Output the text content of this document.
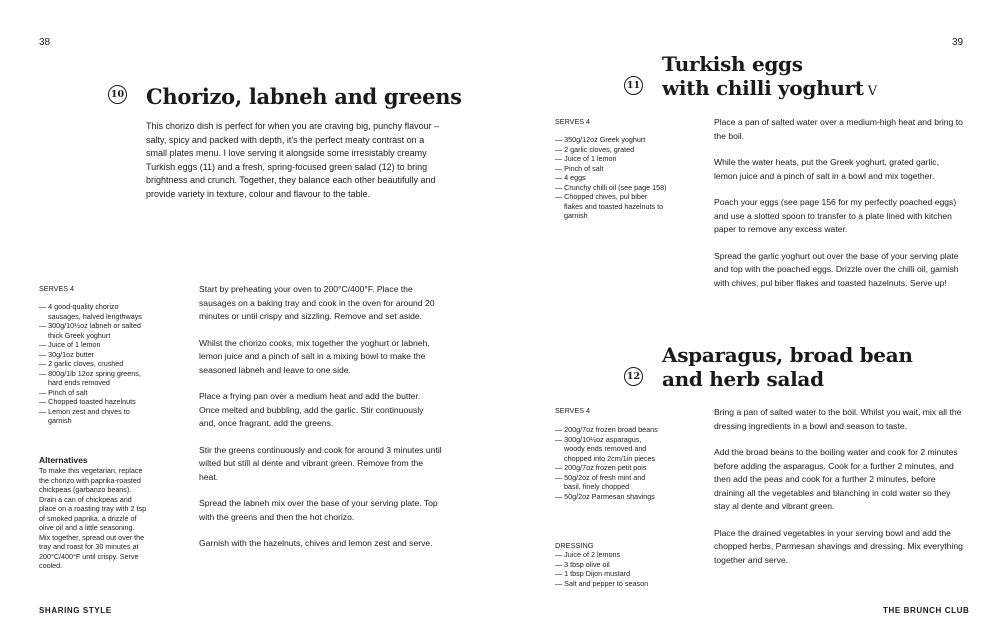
38
10 Chorizo, labneh and greens

This chorizo dish is perfect for when you are craving big, punchy flavour – salty, spicy and packed with depth, it's the perfect meaty contrast on a small plates menu. I love serving it alongside some irresistably creamy Turkish eggs (11) and a fresh, spring-focused green salad (12) to bring brightness and crunch. Together, they balance each other beautifully and provide variety in texture, colour and flavour to the table.

SERVES 4

— 4 good-quality chorizo sausages, halved lengthways
— 300g/10½oz labneh or salted thick Greek yoghurt
— Juice of 1 lemon
— 30g/1oz butter
— 2 garlic cloves, crushed
— 800g/1lb 12oz spring greens, hard ends removed
— Pinch of salt
— Chopped toasted hazelnuts
— Lemon zest and chives to garnish

Alternatives

To make this vegetarian, replace the chorizo with paprika-roasted chickpeas (garbanzo beans). Drain a can of chickpeas and place on a roasting tray with 2 tsp of smoked paprika, a drizzle of olive oil and a little seasoning. Mix together, spread out over the tray and roast for 30 minutes at 200°C/400°F until crispy. Serve cooled.

Start by preheating your oven to 200°C/400°F. Place the sausages on a baking tray and cook in the oven for around 20 minutes or until crispy and sizzling. Remove and set aside.

Whilst the chorizo cooks, mix together the yoghurt or labneh, lemon juice and a pinch of salt in a mixing bowl to make the seasoned labneh and leave to one side.

Place a frying pan over a medium heat and add the butter. Once melted and bubbling, add the garlic. Stir continuously and, once fragrant, add the greens.

Stir the greens continuously and cook for around 3 minutes until wilted but still al dente and vibrant green. Remove from the heat.

Spread the labneh mix over the base of your serving plate. Top with the greens and then the hot chorizo.

Garnish with the hazelnuts, chives and lemon zest and serve.

SHARING STYLE
39
11
Turkish eggs
with chilli yoghurt V

SERVES 4

— 350g/12oz Greek yoghurt
— 2 garlic cloves, grated
— Juice of 1 lemon
— Pinch of salt
— 4 eggs
— Crunchy chilli oil (see page 158)
— Chopped chives, pul biber flakes and toasted hazelnuts to garnish

Place a pan of salted water over a medium-high heat and bring to the boil.

While the water heats, put the Greek yoghurt, grated garlic, lemon juice and a pinch of salt in a bowl and mix together.

Poach your eggs (see page 156 for my perfectly poached eggs) and use a slotted spoon to transfer to a plate lined with kitchen paper to remove any excess water.

Spread the garlic yoghurt out over the base of your serving plate and top with the poached eggs. Drizzle over the chilli oil, garnish with chives, pul biber flakes and toasted hazelnuts. Serve up!

12
Asparagus, broad bean
and herb salad

SERVES 4

— 200g/7oz frozen broad beans
— 300g/10½oz asparagus, woody ends removed and chopped into 2cm/1in pieces
— 200g/7oz frozen petit pois
— 50g/2oz of fresh mint and basil, finely chopped
— 50g/2oz Parmesan shavings

DRESSING

— Juice of 2 lemons
— 3 tbsp olive oil
— 1 tbsp Dijon mustard
— Salt and pepper to season

Bring a pan of salted water to the boil. Whilst you wait, mix all the dressing ingredients in a bowl and season to taste.

Add the broad beans to the boiling water and cook for 2 minutes before adding the asparagus. Cook for a further 2 minutes, and then add the peas and cook for a further 2 minutes, before draining all the vegetables and blanching in cold water so they stay al dente and vibrant green.

Place the drained vegetables in your serving bowl and add the chopped herbs, Parmesan shavings and dressing. Mix everything together and serve.

THE BRUNCH CLUB
